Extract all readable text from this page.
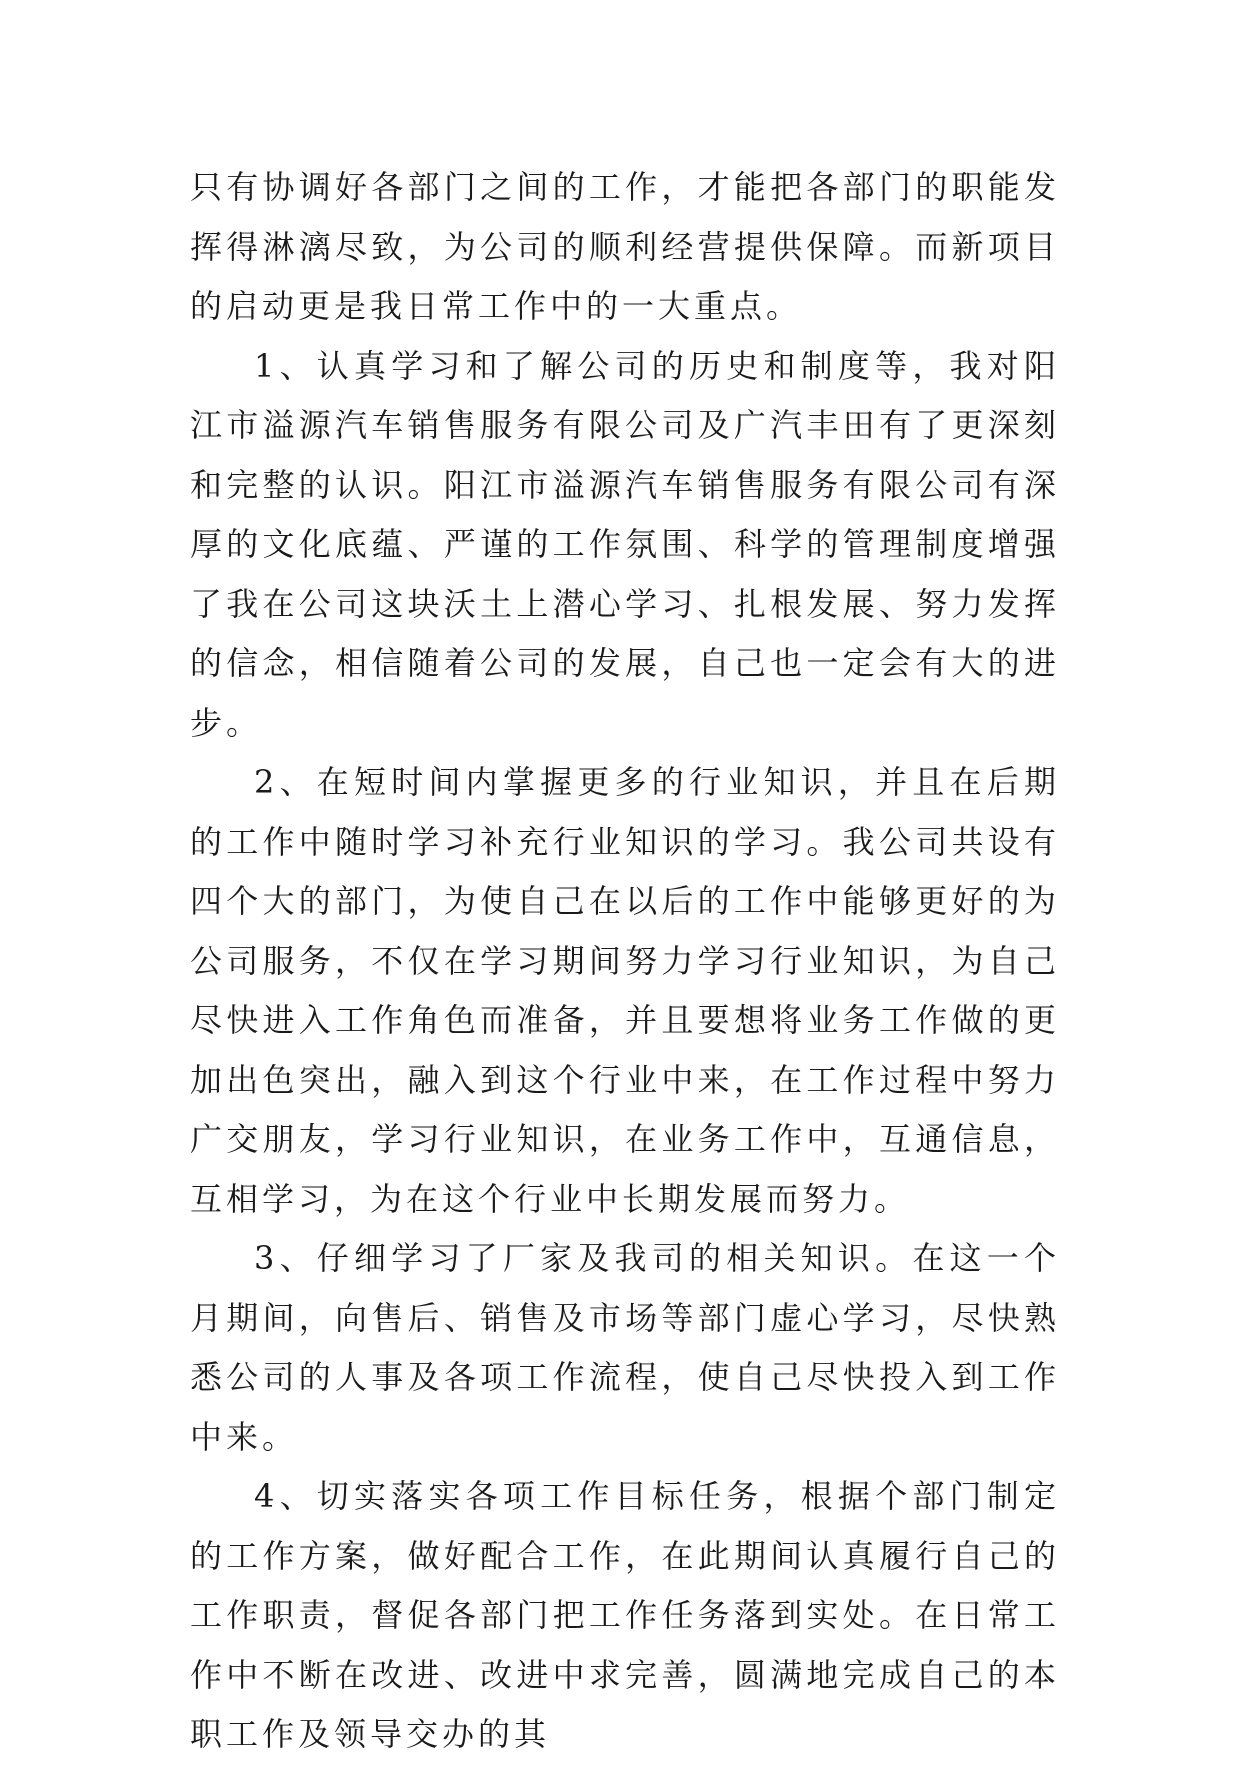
只有协调好各部门之间的工作，才能把各部门的职能发挥得淋漓尽致，为公司的顺利经营提供保障。而新项目的启动更是我日常工作中的一大重点。

1、认真学习和了解公司的历史和制度等，我对阳江市溢源汽车销售服务有限公司及广汽丰田有了更深刻和完整的认识。阳江市溢源汽车销售服务有限公司有深厚的文化底蕴、严谨的工作氛围、科学的管理制度增强了我在公司这块沃土上潜心学习、扎根发展、努力发挥的信念，相信随着公司的发展，自己也一定会有大的进步。

2、在短时间内掌握更多的行业知识，并且在后期的工作中随时学习补充行业知识的学习。我公司共设有四个大的部门，为使自己在以后的工作中能够更好的为公司服务，不仅在学习期间努力学习行业知识，为自己尽快进入工作角色而准备，并且要想将业务工作做的更加出色突出，融入到这个行业中来，在工作过程中努力广交朋友，学习行业知识，在业务工作中，互通信息，互相学习，为在这个行业中长期发展而努力。

3、仔细学习了厂家及我司的相关知识。在这一个月期间，向售后、销售及市场等部门虚心学习，尽快熟悉公司的人事及各项工作流程，使自己尽快投入到工作中来。

4、切实落实各项工作目标任务，根据个部门制定的工作方案，做好配合工作，在此期间认真履行自己的工作职责，督促各部门把工作任务落到实处。在日常工作中不断在改进、改进中求完善，圆满地完成自己的本职工作及领导交办的其
